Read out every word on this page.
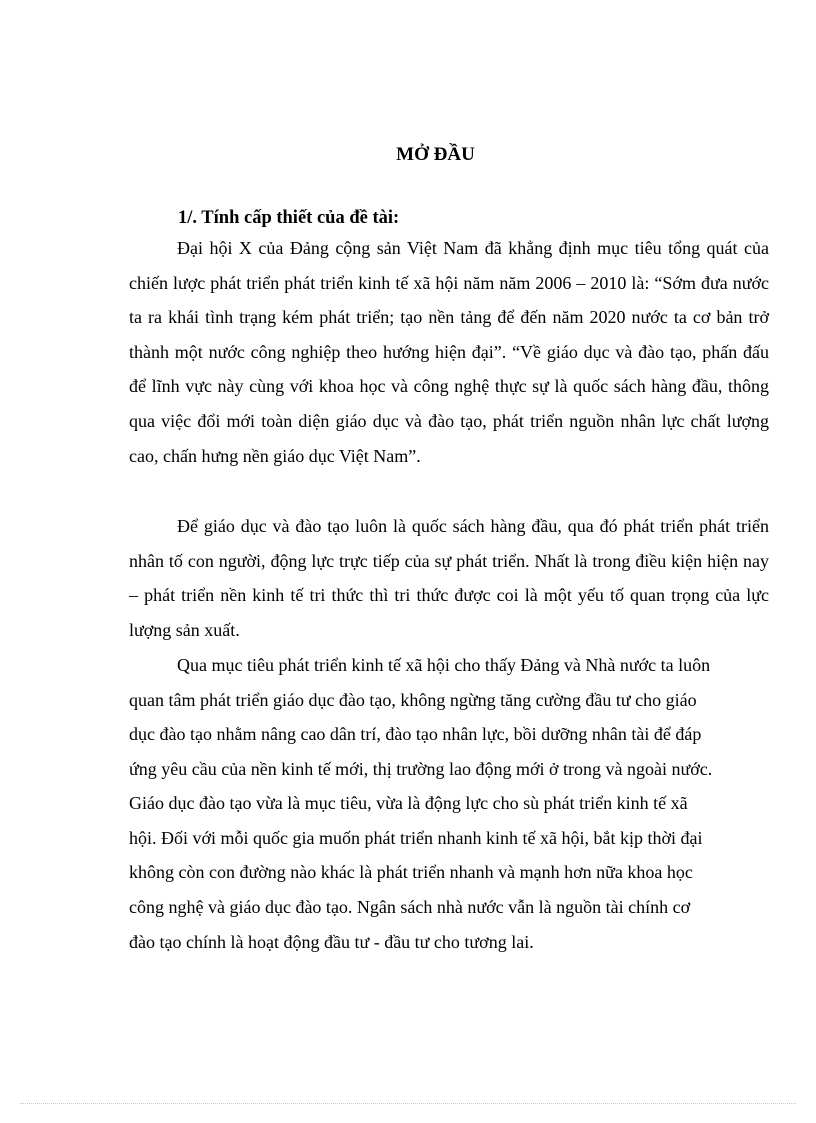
MỞ ĐẦU
1/. Tính cấp thiết của đề tài:

Đại hội X của Đảng cộng sản Việt Nam đã khẳng định mục tiêu tổng quát của chiến lược phát triển phát triển kinh tế xã hội năm năm 2006 – 2010 là: “Sớm đưa nước ta ra khái tình trạng kém phát triển; tạo nền tảng để đến năm 2020 nước ta cơ bản trở thành một nước công nghiệp theo hướng hiện đại”. “Về giáo dục và đào tạo, phấn đấu để lĩnh vực này cùng với khoa học và công nghệ thực sự là quốc sách hàng đầu, thông qua việc đổi mới toàn diện giáo dục và đào tạo, phát triển nguồn nhân lực chất lượng cao, chấn hưng nền giáo dục Việt Nam”.

Để giáo dục và đào tạo luôn là quốc sách hàng đầu, qua đó phát triển phát triển nhân tố con người, động lực trực tiếp của sự phát triển. Nhất là trong điều kiện hiện nay – phát triển nền kinh tế tri thức thì tri thức được coi là một yếu tố quan trọng của lực lượng sản xuất.

Qua mục tiêu phát triển kinh tế xã hội cho thấy Đảng và Nhà nước ta luôn

quan tâm phát triển giáo dục đào tạo, không ngừng tăng cường đầu tư cho giáo

dục đào tạo nhằm nâng cao dân trí, đào tạo nhân lực, bồi dưỡng nhân tài để đáp

ứng yêu cầu của nền kinh tế mới, thị trường lao động mới ở trong và ngoài nước.

Giáo dục đào tạo vừa là mục tiêu, vừa là động lực cho sù phát triển kinh tế xã

hội. Đối với mỗi quốc gia muốn phát triển nhanh kinh tế xã hội, bắt kịp thời đại

không còn con đường nào khác là phát triển nhanh và mạnh hơn nữa khoa học

công nghệ và giáo dục đào tạo. Ngân sách nhà nước vẫn là nguồn tài chính cơ

đào tạo chính là hoạt động đầu tư - đầu tư cho tương lai.
